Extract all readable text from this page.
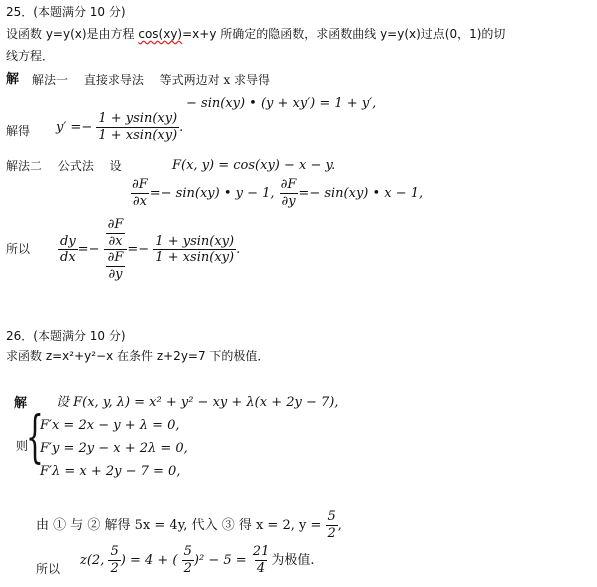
25．(本题满分 10 分)
设函数 y=y(x)是由方程 cos(xy)=x+y 所确定的隐函数，求函数曲线 y=y(x)过点(0，1)的切
线方程．
解 解法一　 直接求导法　 等式两边对 x 求导得
− sin(xy) • (y + xy′) = 1 + y′,
解得 $y' =- \frac{1 + ysin(xy)}{1 + xsin(xy)}$ .
解法二　 公式法　 设	F(x, y) = cos(xy) − x − y.
$\frac{\partial F}{\partial x} =- \sin(xy)$ • y − 1, $\frac{\partial F}{\partial y} =- \sin(xy)$ • x − 1,
所以 $\frac{dy}{dx} =- \frac{\frac{\partial F}{\partial x}}{\frac{\partial F}{\partial y}} =- \frac{1 + ysin(xy)}{1 + xsin(xy)}$ .
26．(本题满分 10 分)
求函数 z=x²+y²−x 在条件 z+2y=7 下的极值．
解 设 F(x, y, λ) = x² + y² − xy + λ(x + 2y − 7),
则
{
F′x = 2x − y + λ = 0,
F′y = 2y − x + 2λ = 0,
F′λ = x + 2y − 7 = 0,
由 ① 与 ② 解得 5x = 4y, 代入 ③ 得 x = 2, $y = \frac{5}{2}$ ,
所以
z(2, $\frac{5}{2}$ ) = 4 + ( $\frac{5}{2} )^2 - 5 = \frac{21}{4}$ 为极值.
